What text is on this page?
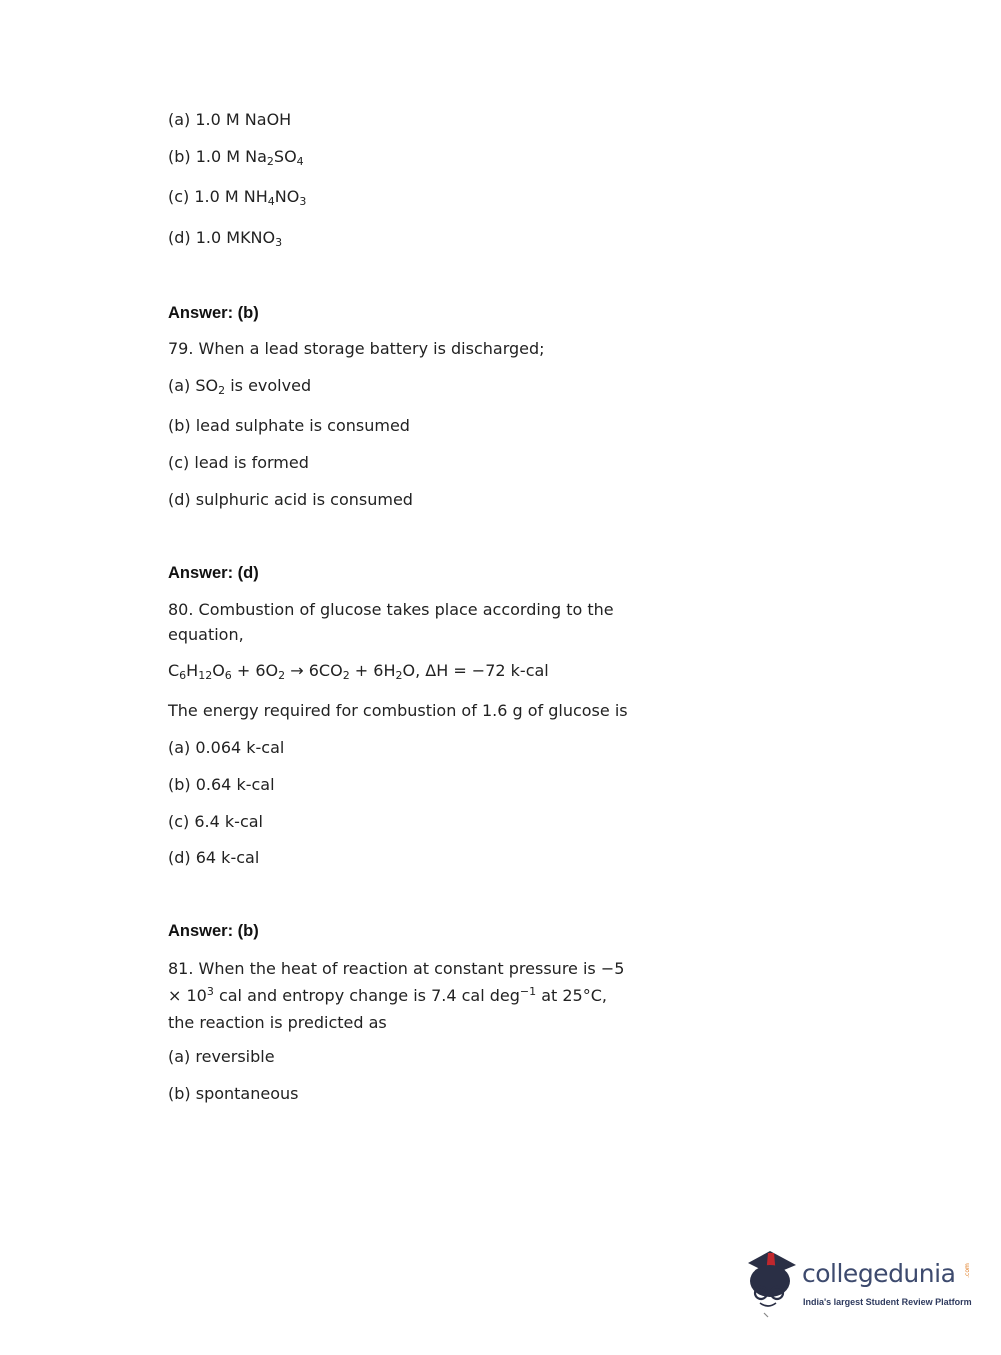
(a) 1.0 M NaOH
(b) 1.0 M $Na_2SO_4$
(c) 1.0 M $NH_4NO_3$
(d) 1.0 $MKNO_3$
Answer: (b)
79. When a lead storage battery is discharged;
(a) $SO_2$ is evolved
(b) lead sulphate is consumed
(c) lead is formed
(d) sulphuric acid is consumed
Answer: (d)
80. Combustion of glucose takes place according to the equation,
$C_6H_{12}O_6 + 6O_2 \to 6CO_2 + 6H_2O$, ΔH = −72 k-cal
The energy required for combustion of 1.6 g of glucose is
(a) 0.064 k-cal
(b) 0.64 k-cal
(c) 6.4 k-cal
(d) 64 k-cal
Answer: (b)
81. When the heat of reaction at constant pressure is $-5 \times 10^3$ cal and entropy change is 7.4 cal deg$^{-1}$ at 25°C, the reaction is predicted as
(a) reversible
(b) spontaneous
collegedunia .com
India's largest Student Review Platform
